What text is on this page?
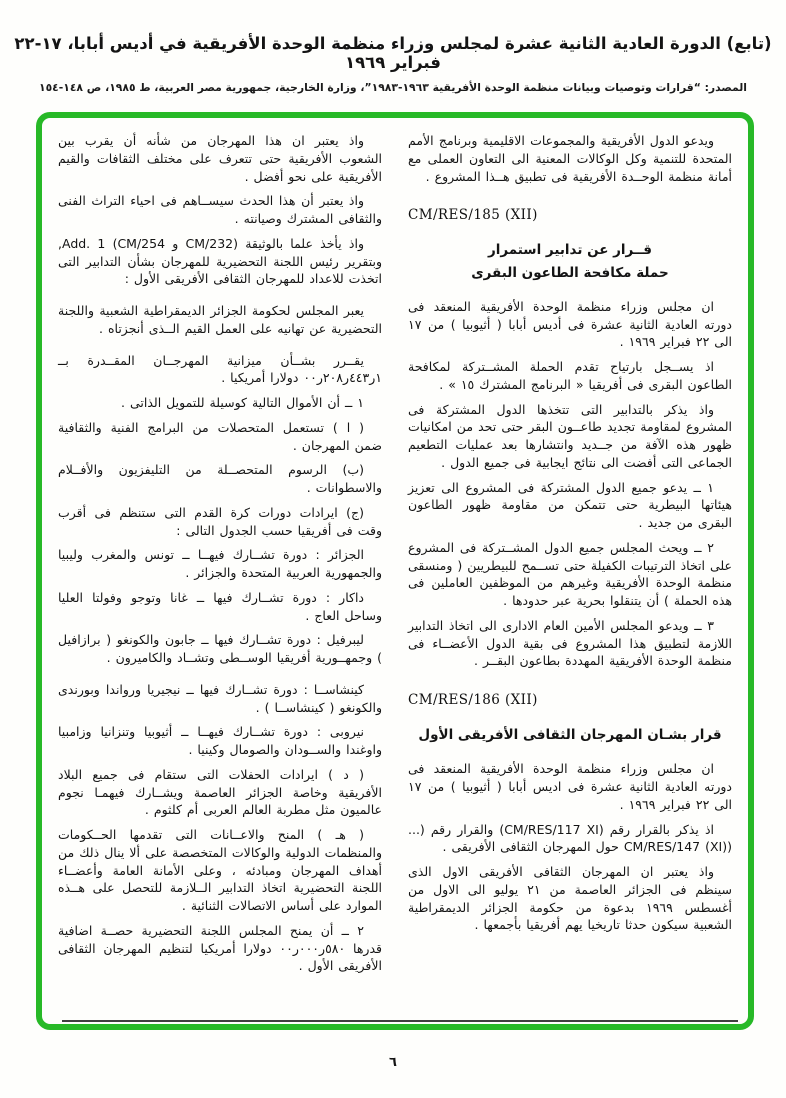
(تابع) الدورة العادية الثانية عشرة لمجلس وزراء منظمة الوحدة الأفريقية في أديس أبابا، ١٧-٢٢ فبراير ١٩٦٩
المصدر: “قرارات وتوصيات وبيانات منظمة الوحدة الأفريقية ١٩٦٣-١٩٨٣”، وزارة الخارجية، جمهورية مصر العربية، ط ١٩٨٥، ص ١٤٨-١٥٤

ويدعو الدول الأفريقية والمجموعات الاقليمية وبرنامج الأمم المتحدة للتنمية وكل الوكالات المعنية الى التعاون العملى مع أمانة منظمة الوحــدة الأفريقية فى تطبيق هــذا المشروع .

CM/RES/185 (XII)
قــرار عن تدابير استمرار
حملة مكافحة الطاعون البقرى

ان مجلس وزراء منظمة الوحدة الأفريقية المنعقد فى دورته العادية الثانية عشرة فى أديس أبابا ( أثيوبيا ) من ١٧ الى ٢٢ فبراير ١٩٦٩ .

اذ يســجل بارتياح تقدم الحملة المشــتركة لمكافحة الطاعون البقرى فى أفريقيا « البرنامج المشترك ١٥ » .

واذ يذكر بالتدابير التى تتخذها الدول المشتركة فى المشروع لمقاومة تجديد طاعــون البقر حتى تحد من امكانيات ظهور هذه الآفة من جــديد وانتشارها بعد عمليات التطعيم الجماعى التى أفضت الى نتائج ايجابية فى جميع الدول .

١ ــ يدعو جميع الدول المشتركة فى المشروع الى تعزيز هيئاتها البيطرية حتى تتمكن من مقاومة ظهور الطاعون البقرى من جديد .

٢ ــ ويحث المجلس جميع الدول المشــتركة فى المشروع على اتخاذ الترتيبات الكفيلة حتى تســمح للبيطريين ( ومنسقى منظمة الوحدة الأفريقية وغيرهم من الموظفين العاملين فى هذه الحملة ) أن يتنقلوا بحرية عبر حدودها .

٣ ــ ويدعو المجلس الأمين العام الادارى الى اتخاذ التدابير اللازمة لتطبيق هذا المشروع فى بقية الدول الأعضــاء فى منظمة الوحدة الأفريقية المهددة بطاعون البقــر .

CM/RES/186 (XII)
قرار بشـان المهرجان الثقافى الأفريقى الأول

ان مجلس وزراء منظمة الوحدة الأفريقية المنعقد فى دورته العادية الثانية عشرة فى اديس أبابا ( أثيوبيا ) من ١٧ الى ٢٢ فبراير ١٩٦٩ .

اذ يذكر بالقرار رقم (CM/RES/117 XI) والقرار رقم (... (CM/RES/147 (XI) حول المهرجان الثقافى الأفريقى .

واذ يعتبر ان المهرجان الثقافى الأفريقى الاول الذى سينظم فى الجزائر العاصمة من ٢١ يوليو الى الاول من أغسطس ١٩٦٩ بدعوة من حكومة الجزائر الديمقراطية الشعبية سيكون حدثا تاريخيا يهم أفريقيا بأجمعها .

واذ يعتبر ان هذا المهرجان من شأنه أن يقرب بين الشعوب الأفريقية حتى تتعرف على مختلف الثقافات والقيم الأفريقية على نحو أفضل .

واذ يعتبر أن هذا الحدث سيســاهم فى احياء التراث الفنى والثقافى المشترك وصيانته .

واذ يأخذ علما بالوثيقة (CM/232 و CM/254) Add. 1, وبتقرير رئيس اللجنة التحضيرية للمهرجان بشأن التدابير التى اتخذت للاعداد للمهرجان الثقافى الأفريقى الأول :

يعبر المجلس لحكومة الجزائر الديمقراطية الشعبية واللجنة التحضيرية عن تهانيه على العمل القيم الــذى أنجزتاه .

يقــرر بشــأن ميزانية المهرجــان المقــدرة بــ ١ر٤٤٣ر٢٠٨ر٠٠ دولارا أمريكيا .

١ ــ أن الأموال التالية كوسيلة للتمويل الذاتى .

( ا ) تستعمل المتحصلات من البرامج الفنية والثقافية ضمن المهرجان .

(ب) الرسوم المتحصــلة من التليفزيون والأفــلام والاسطوانات .

(ج) ايرادات دورات كرة القدم التى ستنظم فى أقرب وقت فى أفريقيا حسب الجدول التالى :

الجزائر : دورة تشــارك فيهــا ــ تونس والمغرب وليبيا والجمهورية العربية المتحدة والجزائر .

داكار : دورة تشــارك فيها ــ غانا وتوجو وفولتا العليا وساحل العاج .

ليبرفيل : دورة تشــارك فيها ــ جابون والكونغو ( برازافيل ) وجمهــورية أفريقيا الوســطى وتشــاد والكاميرون .

كينشاســا : دورة تشــارك فيها ــ نيجيريا ورواندا وبورندى والكونغو ( كينشاســا ) .

نيروبى : دورة تشــارك فيهــا ــ أثيوبيا وتنزانيا وزامبيا واوغندا والســودان والصومال وكينيا .

( د ) ايرادات الحفلات التى ستقام فى جميع البلاد الأفريقية وخاصة الجزائر العاصمة ويشــارك فيهمـا نجوم عالميون مثل مطربة العالم العربى أم كلثوم .

( هـ ) المنح والاعــانات التى تقدمها الحــكومات والمنظمات الدولية والوكالات المتخصصة على ألا ينال ذلك من أهداف المهرجان ومبادئه ، وعلى الأمانة العامة وأعضــاء اللجنة التحضيرية اتخاذ التدابير الــلازمة للتحصل على هــذه الموارد على أساس الاتصالات الثنائية .

٢ ــ أن يمنح المجلس اللجنة التحضيرية حصــة اضافية قدرها ٥٨٠ر٠٠٠ر٠٠ دولارا أمريكيا لتنظيم المهرجان الثقافى الأفريقى الأول .

٦
